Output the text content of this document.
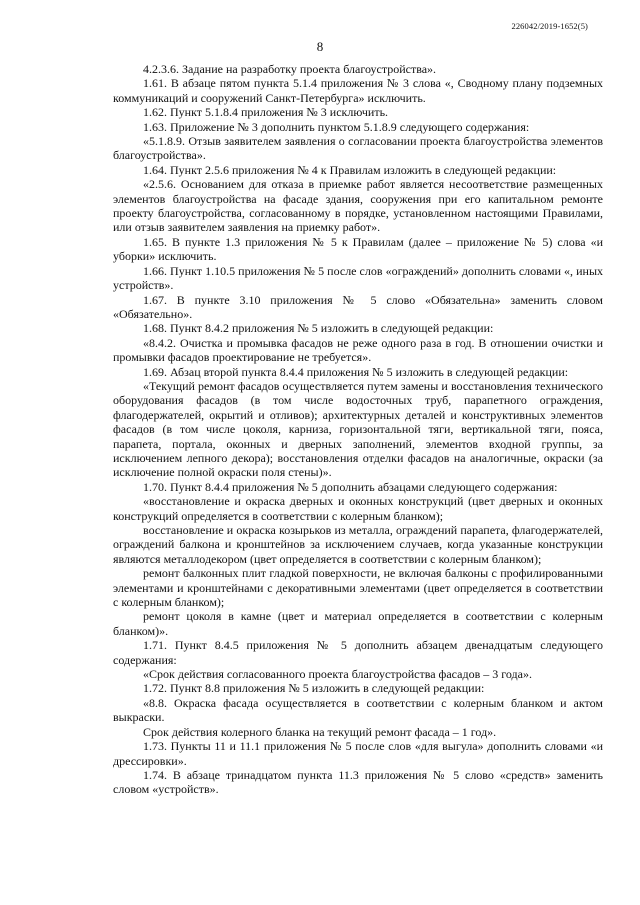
226042/2019-1652(5)
8

4.2.3.6. Задание на разработку проекта благоустройства».

1.61. В абзаце пятом пункта 5.1.4 приложения № 3 слова «, Сводному плану подземных коммуникаций и сооружений Санкт-Петербурга» исключить.

1.62. Пункт 5.1.8.4 приложения № 3 исключить.

1.63. Приложение № 3 дополнить пунктом 5.1.8.9 следующего содержания:

«5.1.8.9. Отзыв заявителем заявления о согласовании проекта благоустройства элементов благоустройства».

1.64. Пункт 2.5.6 приложения № 4 к Правилам изложить в следующей редакции:

«2.5.6. Основанием для отказа в приемке работ является несоответствие размещенных элементов благоустройства на фасаде здания, сооружения при его капитальном ремонте проекту благоустройства, согласованному в порядке, установленном настоящими Правилами, или отзыв заявителем заявления на приемку работ».

1.65. В пункте 1.3 приложения № 5 к Правилам (далее – приложение № 5) слова «и уборки» исключить.

1.66. Пункт 1.10.5 приложения № 5 после слов «ограждений» дополнить словами «, иных устройств».

1.67. В пункте 3.10 приложения № 5 слово «Обязательна» заменить словом «Обязательно».

1.68. Пункт 8.4.2 приложения № 5 изложить в следующей редакции:

«8.4.2. Очистка и промывка фасадов не реже одного раза в год. В отношении очистки и промывки фасадов проектирование не требуется».

1.69. Абзац второй пункта 8.4.4 приложения № 5 изложить в следующей редакции:

«Текущий ремонт фасадов осуществляется путем замены и восстановления технического оборудования фасадов (в том числе водосточных труб, парапетного ограждения, флагодержателей, окрытий и отливов); архитектурных деталей и конструктивных элементов фасадов (в том числе цоколя, карниза, горизонтальной тяги, вертикальной тяги, пояса, парапета, портала, оконных и дверных заполнений, элементов входной группы, за исключением лепного декора); восстановления отделки фасадов на аналогичные, окраски (за исключение полной окраски поля стены)».

1.70. Пункт 8.4.4 приложения № 5 дополнить абзацами следующего содержания:

«восстановление и окраска дверных и оконных конструкций (цвет дверных и оконных конструкций определяется в соответствии с колерным бланком);

восстановление и окраска козырьков из металла, ограждений парапета, флагодержателей, ограждений балкона и кронштейнов за исключением случаев, когда указанные конструкции являются металлодекором (цвет определяется в соответствии с колерным бланком);

ремонт балконных плит гладкой поверхности, не включая балконы с профилированными элементами и кронштейнами с декоративными элементами (цвет определяется в соответствии с колерным бланком);

ремонт цоколя в камне (цвет и материал определяется в соответствии с колерным бланком)».

1.71. Пункт 8.4.5 приложения № 5 дополнить абзацем двенадцатым следующего содержания:

«Срок действия согласованного проекта благоустройства фасадов – 3 года».

1.72. Пункт 8.8 приложения № 5 изложить в следующей редакции:

«8.8. Окраска фасада осуществляется в соответствии с колерным бланком и актом выкраски.

Срок действия колерного бланка на текущий ремонт фасада – 1 год».

1.73. Пункты 11 и 11.1 приложения № 5 после слов «для выгула» дополнить словами «и дрессировки».

1.74. В абзаце тринадцатом пункта 11.3 приложения № 5 слово «средств» заменить словом «устройств».
